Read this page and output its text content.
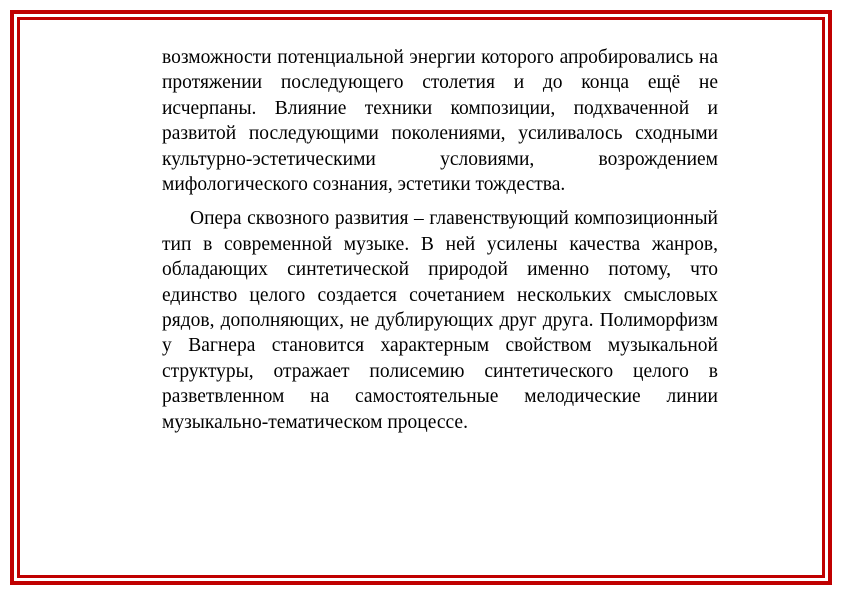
возможности потенциальной энергии которого апробировались на протяжении последующего столетия и до конца ещё не исчерпаны. Влияние техники композиции, подхваченной и развитой последующими поколениями, усиливалось сходными культурно-эстетическими условиями, возрождением мифологического сознания, эстетики тождества.

Опера сквозного развития – главенствующий композиционный тип в современной музыке. В ней усилены качества жанров, обладающих синтетической природой именно потому, что единство целого создается сочетанием нескольких смысловых рядов, дополняющих, не дублирующих друг друга. Полиморфизм у Вагнера становится характерным свойством музыкальной структуры, отражает полисемию синтетического целого в разветвленном на самостоятельные мелодические линии музыкально-тематическом процессе.
